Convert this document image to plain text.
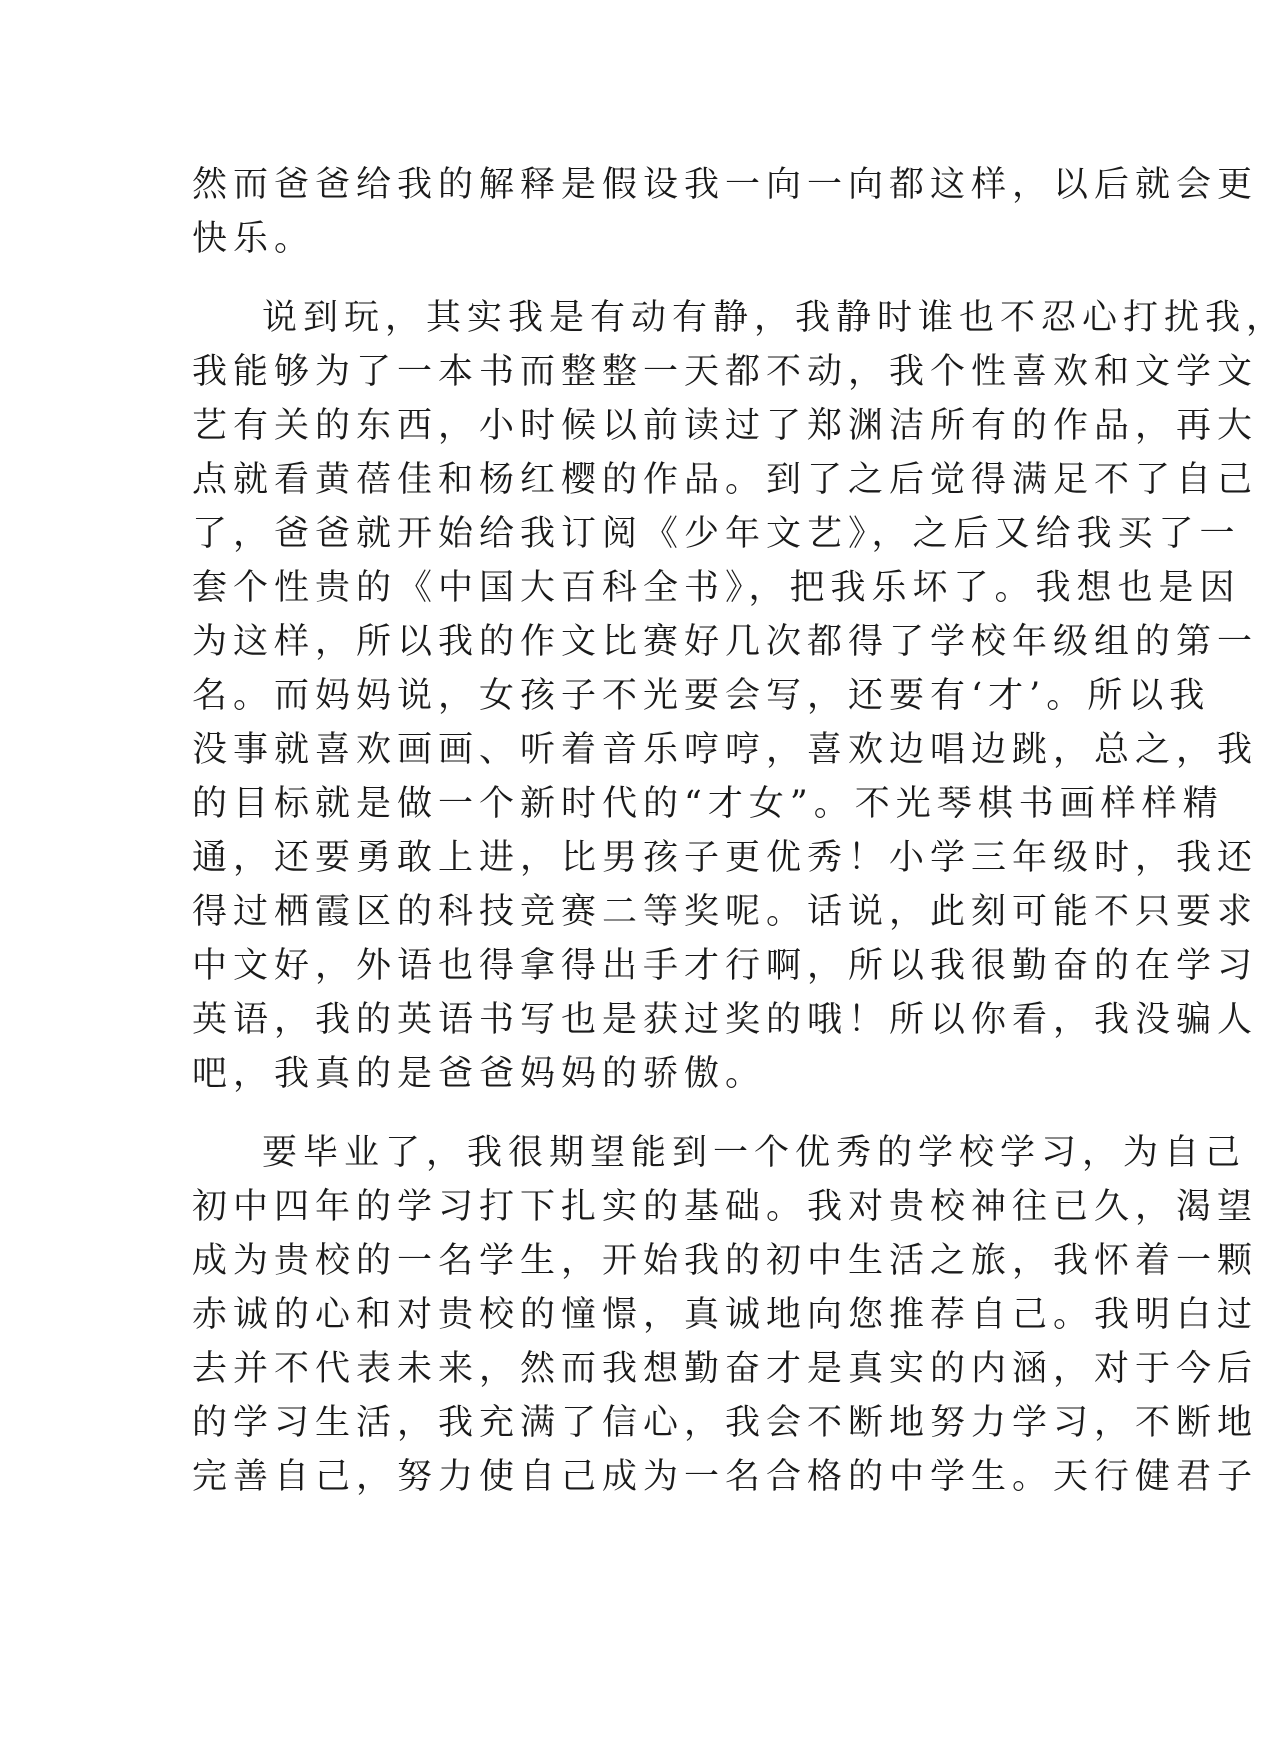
然而爸爸给我的解释是假设我一向一向都这样，以后就会更
快乐。
说到玩，其实我是有动有静，我静时谁也不忍心打扰我，
我能够为了一本书而整整一天都不动，我个性喜欢和文学文
艺有关的东西，小时候以前读过了郑渊洁所有的作品，再大
点就看黄蓓佳和杨红樱的作品。到了之后觉得满足不了自己
了，爸爸就开始给我订阅《少年文艺》，之后又给我买了一
套个性贵的《中国大百科全书》，把我乐坏了。我想也是因
为这样，所以我的作文比赛好几次都得了学校年级组的第一
名。而妈妈说，女孩子不光要会写，还要有‘才’。所以我
没事就喜欢画画、听着音乐哼哼，喜欢边唱边跳，总之，我
的目标就是做一个新时代的“才女”。不光琴棋书画样样精
通，还要勇敢上进，比男孩子更优秀！小学三年级时，我还
得过栖霞区的科技竞赛二等奖呢。话说，此刻可能不只要求
中文好，外语也得拿得出手才行啊，所以我很勤奋的在学习
英语，我的英语书写也是获过奖的哦！所以你看，我没骗人
吧，我真的是爸爸妈妈的骄傲。
要毕业了，我很期望能到一个优秀的学校学习，为自己
初中四年的学习打下扎实的基础。我对贵校神往已久，渴望
成为贵校的一名学生，开始我的初中生活之旅，我怀着一颗
赤诚的心和对贵校的憧憬，真诚地向您推荐自己。我明白过
去并不代表未来，然而我想勤奋才是真实的内涵，对于今后
的学习生活，我充满了信心，我会不断地努力学习，不断地
完善自己，努力使自己成为一名合格的中学生。天行健君子
